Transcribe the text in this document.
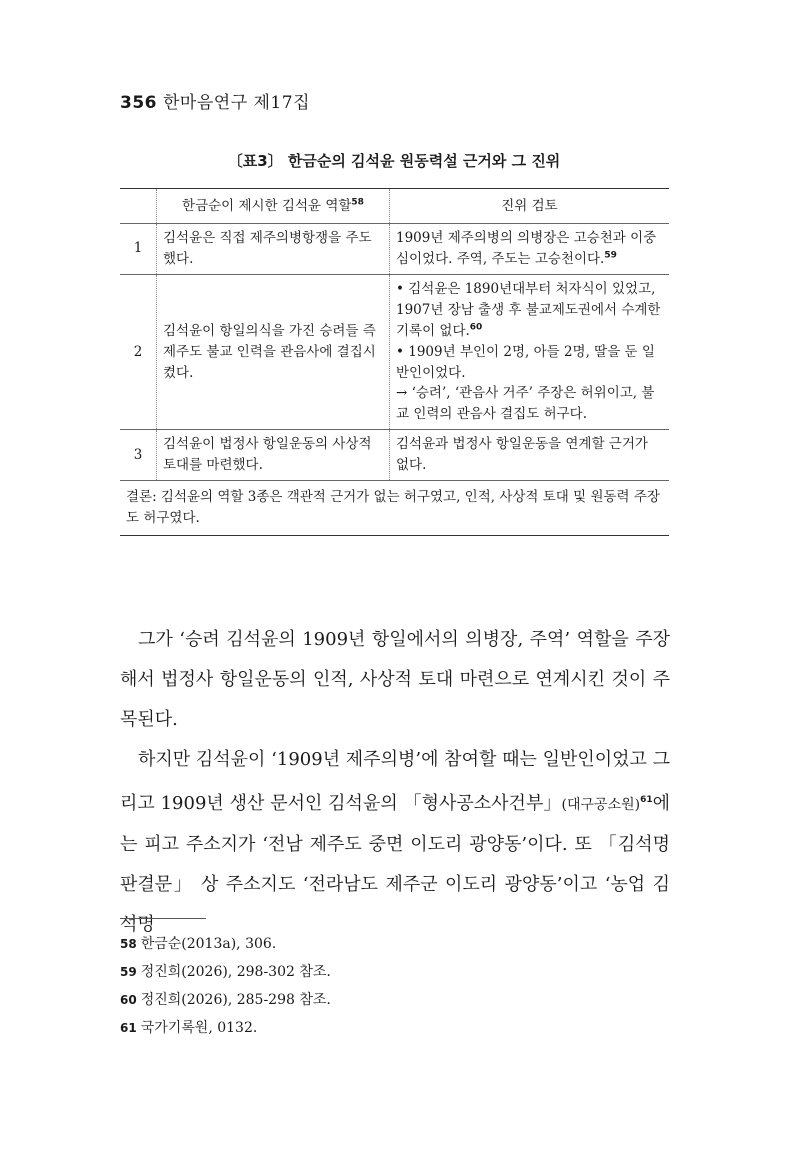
356 한마음연구 제17집
〔표3〕 한금순의 김석윤 원동력설 근거와 그 진위
	한금순이 제시한 김석윤 역할$^{58}$	진위 검토
1	김석윤은 직접 제주의병항쟁을 주도했다.	1909년 제주의병의 의병장은 고승천과 이중심이었다. 주역, 주도는 고승천이다.$^{59}$
2	김석윤이 항일의식을 가진 승려들 즉 제주도 불교 인력을 관음사에 결집시켰다.	• 김석윤은 1890년대부터 처자식이 있었고, 1907년 장남 출생 후 불교제도권에서 수계한 기록이 없다.$^{60}$
• 1909년 부인이 2명, 아들 2명, 딸을 둔 일반인이었다.
→ ‘승려’, ‘관음사 거주’ 주장은 허위이고, 불교 인력의 관음사 결집도 허구다.

3	김석윤이 법정사 항일운동의 사상적 토대를 마련했다.	김석윤과 법정사 항일운동을 연계할 근거가 없다.
결론: 김석윤의 역할 3종은 객관적 근거가 없는 허구였고, 인적, 사상적 토대 및 원동력 주장도 허구였다.		

그가 ‘승려 김석윤의 1909년 항일에서의 의병장, 주역’ 역할을 주장해서 법정사 항일운동의 인적, 사상적 토대 마련으로 연계시킨 것이 주목된다.

하지만 김석윤이 ‘1909년 제주의병’에 참여할 때는 일반인이었고 그리고 1909년 생산 문서인 김석윤의 「형사공소사건부」(대구공소원)$^{61}$에는 피고 주소지가 ‘전남 제주도 중면 이도리 광양동’이다. 또 「김석명 판결문」 상 주소지도 ‘전라남도 제주군 이도리 광양동’이고 ‘농업 김석명

58 한금순(2013a), 306.

59 정진희(2026), 298-302 참조.

60 정진희(2026), 285-298 참조.

61 국가기록원, 0132.
